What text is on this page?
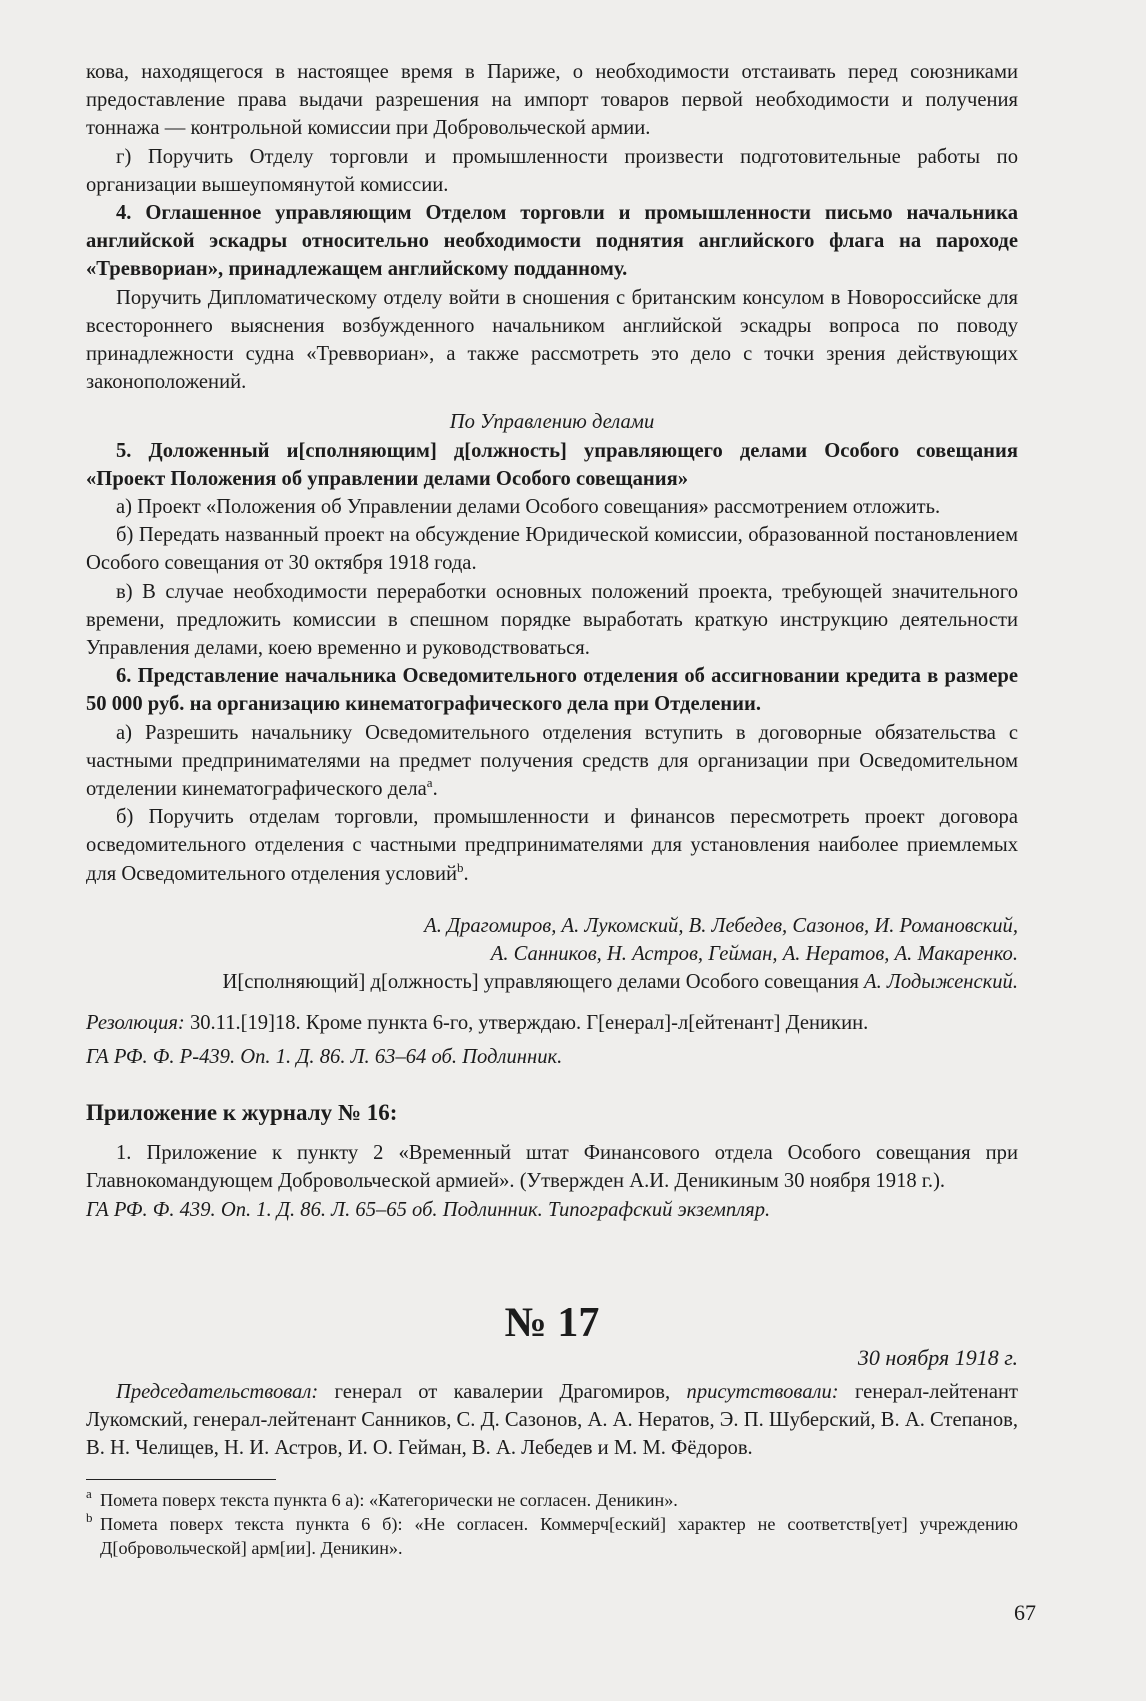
кова, находящегося в настоящее время в Париже, о необходимости отстаивать перед союзниками предоставление права выдачи разрешения на импорт товаров первой необходимости и получения тоннажа — контрольной комиссии при Добровольческой армии.

г) Поручить Отделу торговли и промышленности произвести подготовительные работы по организации вышеупомянутой комиссии.

4. Оглашенное управляющим Отделом торговли и промышленности письмо начальника английской эскадры относительно необходимости поднятия английского флага на пароходе «Треввориан», принадлежащем английскому подданному.

Поручить Дипломатическому отделу войти в сношения с британским консулом в Новороссийске для всестороннего выяснения возбужденного начальником английской эскадры вопроса по поводу принадлежности судна «Треввориан», а также рассмотреть это дело с точки зрения действующих законоположений.

По Управлению делами

5. Доложенный и[сполняющим] д[олжность] управляющего делами Особого совещания «Проект Положения об управлении делами Особого совещания»

а) Проект «Положения об Управлении делами Особого совещания» рассмотрением отложить.

б) Передать названный проект на обсуждение Юридической комиссии, образованной постановлением Особого совещания от 30 октября 1918 года.

в) В случае необходимости переработки основных положений проекта, требующей значительного времени, предложить комиссии в спешном порядке выработать краткую инструкцию деятельности Управления делами, коею временно и руководствоваться.

6. Представление начальника Осведомительного отделения об ассигновании кредита в размере 50 000 руб. на организацию кинематографического дела при Отделении.

а) Разрешить начальнику Осведомительного отделения вступить в договорные обязательства с частными предпринимателями на предмет получения средств для организации при Осведомительном отделении кинематографического дела$^a$.

б) Поручить отделам торговли, промышленности и финансов пересмотреть проект договора осведомительного отделения с частными предпринимателями для установления наиболее приемлемых для Осведомительного отделения условий$^b$.

А. Драгомиров, А. Лукомский, В. Лебедев, Сазонов, И. Романовский,

А. Санников, Н. Астров, Гейман, А. Нератов, А. Макаренко.

И[сполняющий] д[олжность] управляющего делами Особого совещания А. Лодыженский.

Резолюция: 30.11.[19]18. Кроме пункта 6-го, утверждаю. Г[енерал]-л[ейтенант] Деникин.

ГА РФ. Ф. Р-439. Оп. 1. Д. 86. Л. 63–64 об. Подлинник.

Приложение к журналу № 16:

1. Приложение к пункту 2 «Временный штат Финансового отдела Особого совещания при Главнокомандующем Добровольческой армией». (Утвержден А.И. Деникиным 30 ноября 1918 г.).

ГА РФ. Ф. 439. Оп. 1. Д. 86. Л. 65–65 об. Подлинник. Типографский экземпляр.

№ 17

30 ноября 1918 г.

Председательствовал: генерал от кавалерии Драгомиров, присутствовали: генерал-лейтенант Лукомский, генерал-лейтенант Санников, С. Д. Сазонов, А. А. Нератов, Э. П. Шуберский, В. А. Степанов, В. Н. Челищев, Н. И. Астров, И. О. Гейман, В. А. Лебедев и М. М. Фёдоров.

a Помета поверх текста пункта 6 а): «Категорически не согласен. Деникин».

b Помета поверх текста пункта 6 б): «Не согласен. Коммерч[еский] характер не соответств[ует] учреждению Д[обровольческой] арм[ии]. Деникин».

67
